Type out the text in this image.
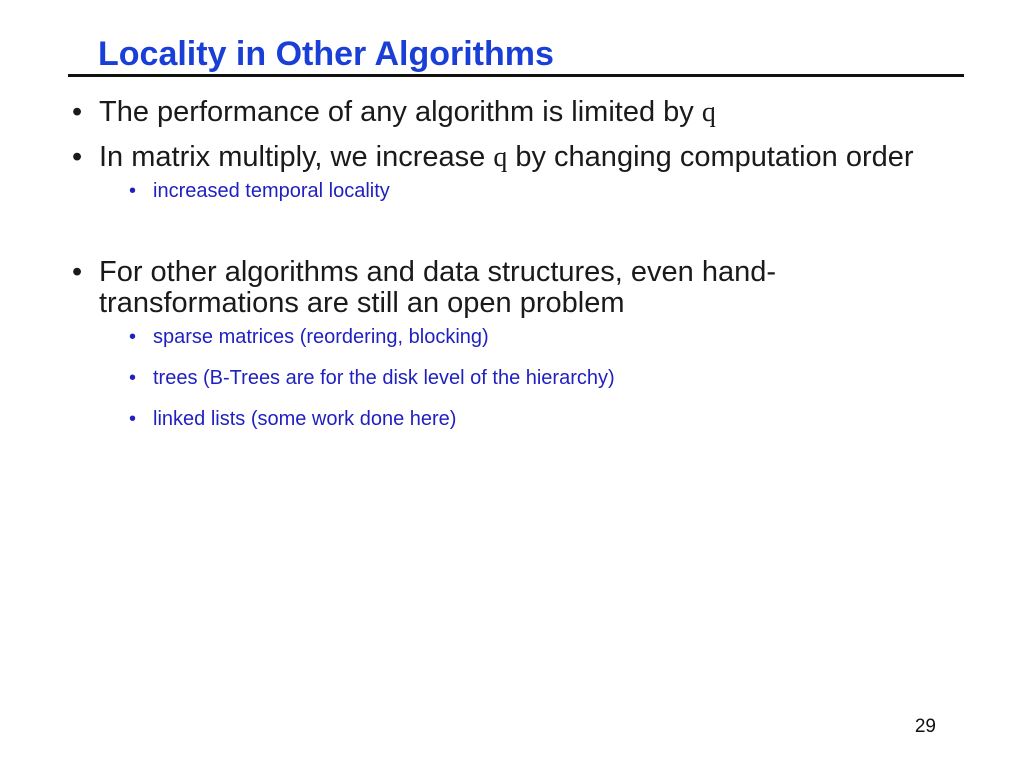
Locality in Other Algorithms
• The performance of any algorithm is limited by q
• In matrix multiply, we increase q by changing computation order
• increased temporal locality
• For other algorithms and data structures, even hand-transformations are still an open problem
• sparse matrices (reordering, blocking)
• trees (B-Trees are for the disk level of the hierarchy)
• linked lists (some work done here)
29
